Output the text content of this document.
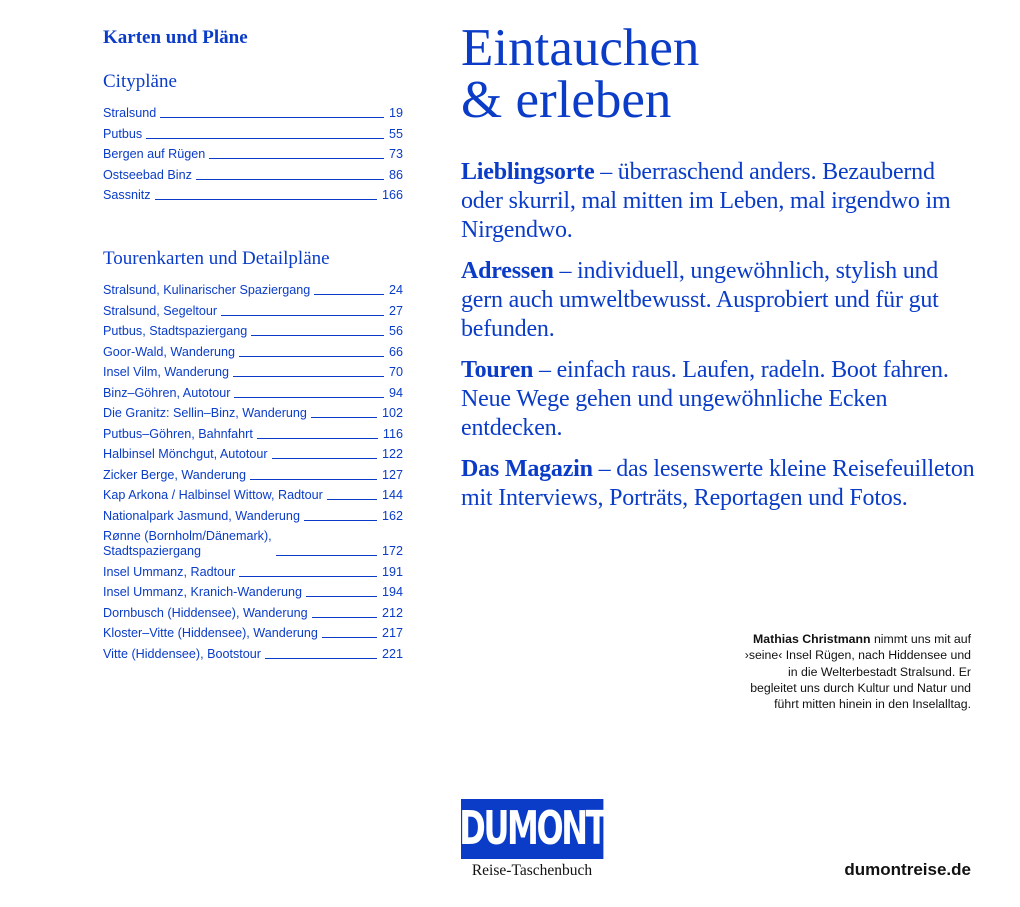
Karten und Pläne
Citypläne
Stralsund	19
Putbus	55
Bergen auf Rügen	73
Ostseebad Binz	86
Sassnitz	166
Tourenkarten und Detailpläne
Stralsund, Kulinarischer Spaziergang	24
Stralsund, Segeltour	27
Putbus, Stadtspaziergang	56
Goor-Wald, Wanderung	66
Insel Vilm, Wanderung	70
Binz–Göhren, Autotour	94
Die Granitz: Sellin–Binz, Wanderung	102
Putbus–Göhren, Bahnfahrt	116
Halbinsel Mönchgut, Autotour	122
Zicker Berge, Wanderung	127
Kap Arkona / Halbinsel Wittow, Radtour	144
Nationalpark Jasmund, Wanderung	162
Rønne (Bornholm/Dänemark),
Stadtspaziergang	172
Insel Ummanz, Radtour	191
Insel Ummanz, Kranich-Wanderung	194
Dornbusch (Hiddensee), Wanderung	212
Kloster–Vitte (Hiddensee), Wanderung	217
Vitte (Hiddensee), Bootstour	221
Eintauchen
& erleben

Lieblingsorte – überraschend anders. Bezaubernd oder skurril, mal mitten im Leben, mal irgendwo im Nirgendwo.

Adressen – individuell, ungewöhnlich, stylish und gern auch umweltbewusst. Ausprobiert und für gut befunden.

Touren – einfach raus. Laufen, radeln. Boot fahren. Neue Wege gehen und ungewöhnliche Ecken entdecken.

Das Magazin – das lesenswerte kleine Reisefeuilleton mit Interviews, Porträts, Reportagen und Fotos.

Mathias Christmann nimmt uns mit auf ›seine‹ Insel Rügen, nach Hiddensee und in die Welterbestadt Stralsund. Er begleitet uns durch Kultur und Natur und führt mitten hinein in den Inselalltag.
DUMONT
Reise-Taschenbuch	dumontreise.de
